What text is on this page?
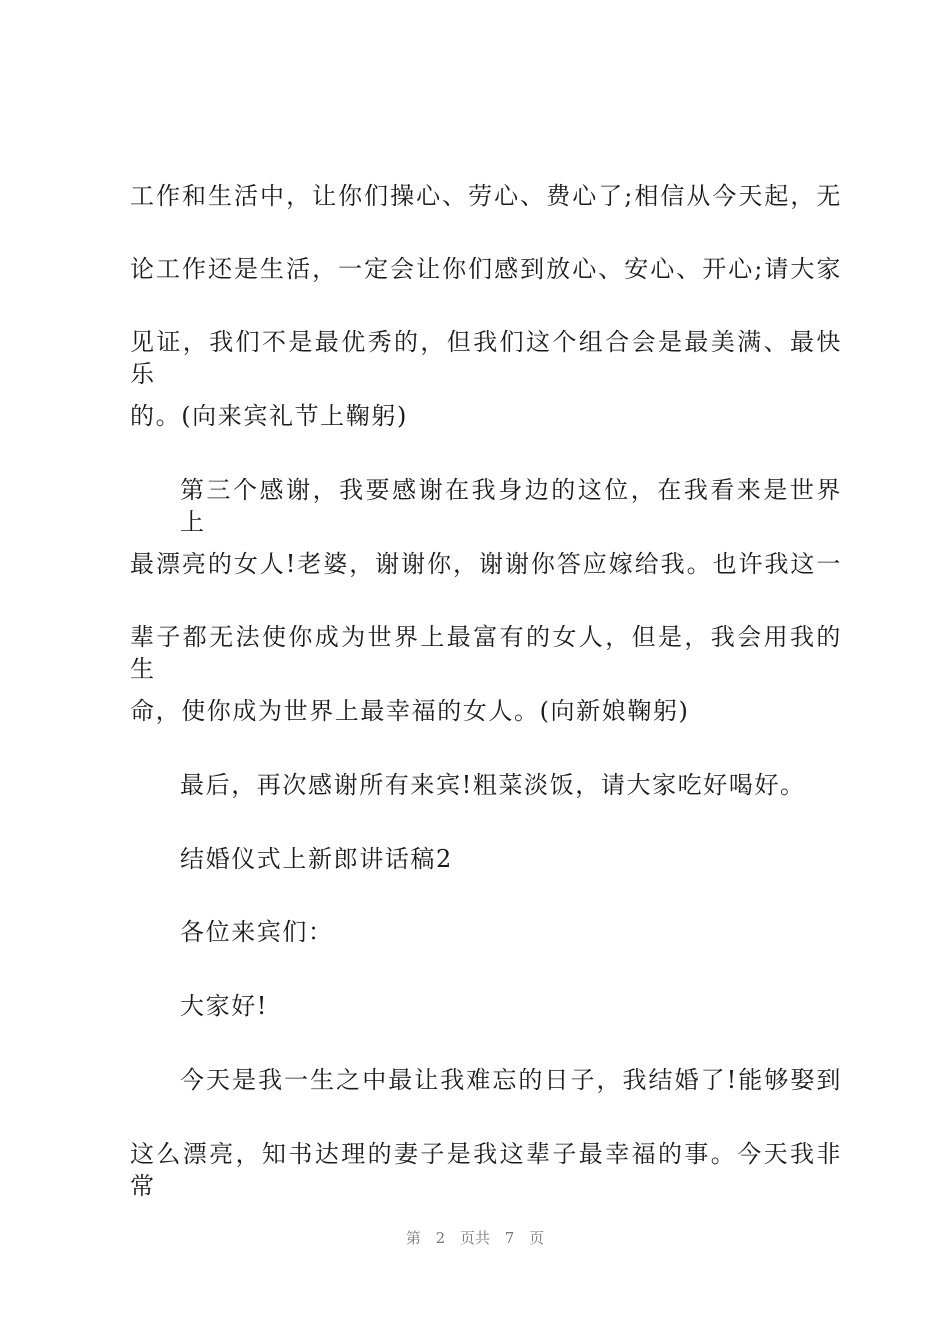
工作和生活中，让你们操心、劳心、费心了;相信从今天起，无
论工作还是生活，一定会让你们感到放心、安心、开心;请大家
见证，我们不是最优秀的，但我们这个组合会是最美满、最快乐
的。(向来宾礼节上鞠躬)
第三个感谢，我要感谢在我身边的这位，在我看来是世界上
最漂亮的女人!老婆，谢谢你，谢谢你答应嫁给我。也许我这一
辈子都无法使你成为世界上最富有的女人，但是，我会用我的生
命，使你成为世界上最幸福的女人。(向新娘鞠躬)
最后，再次感谢所有来宾!粗菜淡饭，请大家吃好喝好。
结婚仪式上新郎讲话稿2
各位来宾们：
大家好!
今天是我一生之中最让我难忘的日子，我结婚了!能够娶到
这么漂亮，知书达理的妻子是我这辈子最幸福的事。今天我非常
第 2 页共 7 页
